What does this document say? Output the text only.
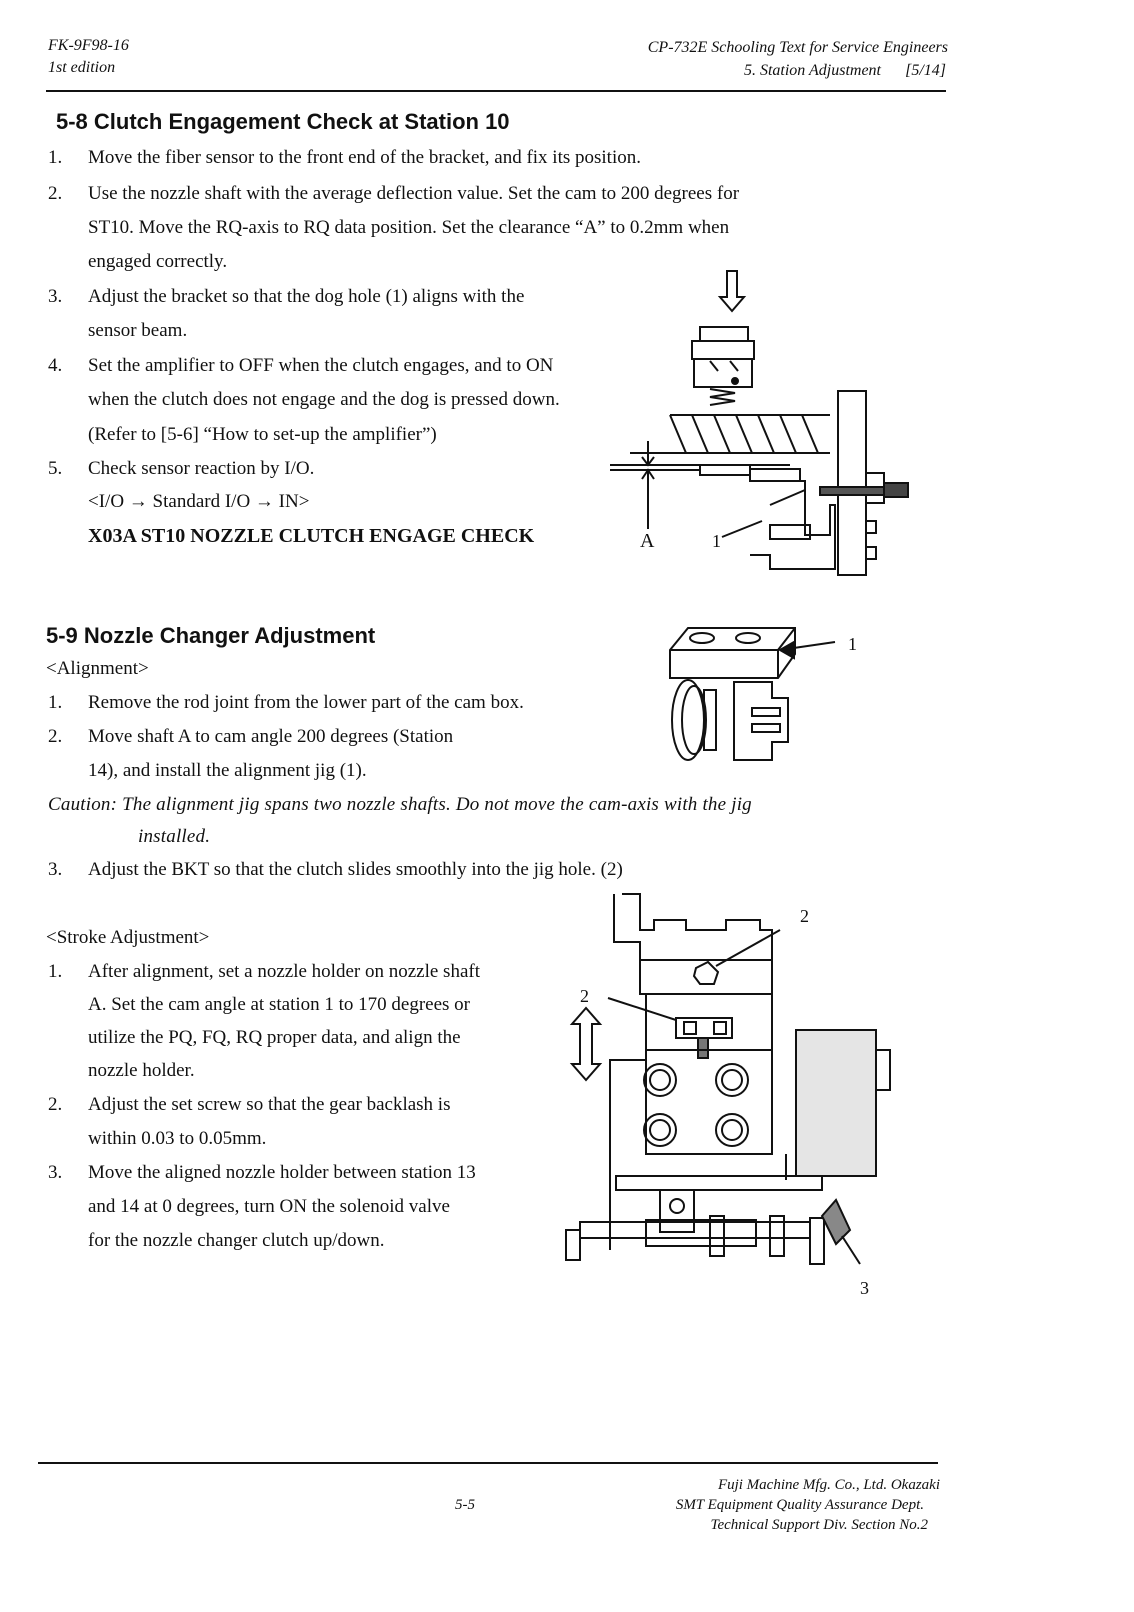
FK-9F98-16
1st edition
CP-732E Schooling Text for Service Engineers
5. Station Adjustment [5/14]
5-8 Clutch Engagement Check at Station 10
1. Move the fiber sensor to the front end of the bracket, and fix its position.
2. Use the nozzle shaft with the average deflection value. Set the cam to 200 degrees for
ST10. Move the RQ-axis to RQ data position. Set the clearance “A” to 0.2mm when
engaged correctly.
3. Adjust the bracket so that the dog hole (1) aligns with the
sensor beam.
4. Set the amplifier to OFF when the clutch engages, and to ON
when the clutch does not engage and the dog is pressed down.
(Refer to [5-6] “How to set-up the amplifier”)
5. Check sensor reaction by I/O.
<I/O → Standard I/O → IN>
X03A ST10 NOZZLE CLUTCH ENGAGE CHECK	A	1
5-9 Nozzle Changer Adjustment
<Alignment>
1. Remove the rod joint from the lower part of the cam box.
2. Move shaft A to cam angle 200 degrees (Station
14), and install the alignment jig (1).
Caution: The alignment jig spans two nozzle shafts. Do not move the cam-axis with the jig
installed.
3. Adjust the BKT so that the clutch slides smoothly into the jig hole. (2)
<Stroke Adjustment>
1. After alignment, set a nozzle holder on nozzle shaft
A. Set the cam angle at station 1 to 170 degrees or
utilize the PQ, FQ, RQ proper data, and align the
nozzle holder.
2. Adjust the set screw so that the gear backlash is
within 0.03 to 0.05mm.
3. Move the aligned nozzle holder between station 13
and 14 at 0 degrees, turn ON the solenoid valve
for the nozzle changer clutch up/down.
1
2
2
3
5-5
Fuji Machine Mfg. Co., Ltd. Okazaki
SMT Equipment Quality Assurance Dept.
Technical Support Div. Section No.2
